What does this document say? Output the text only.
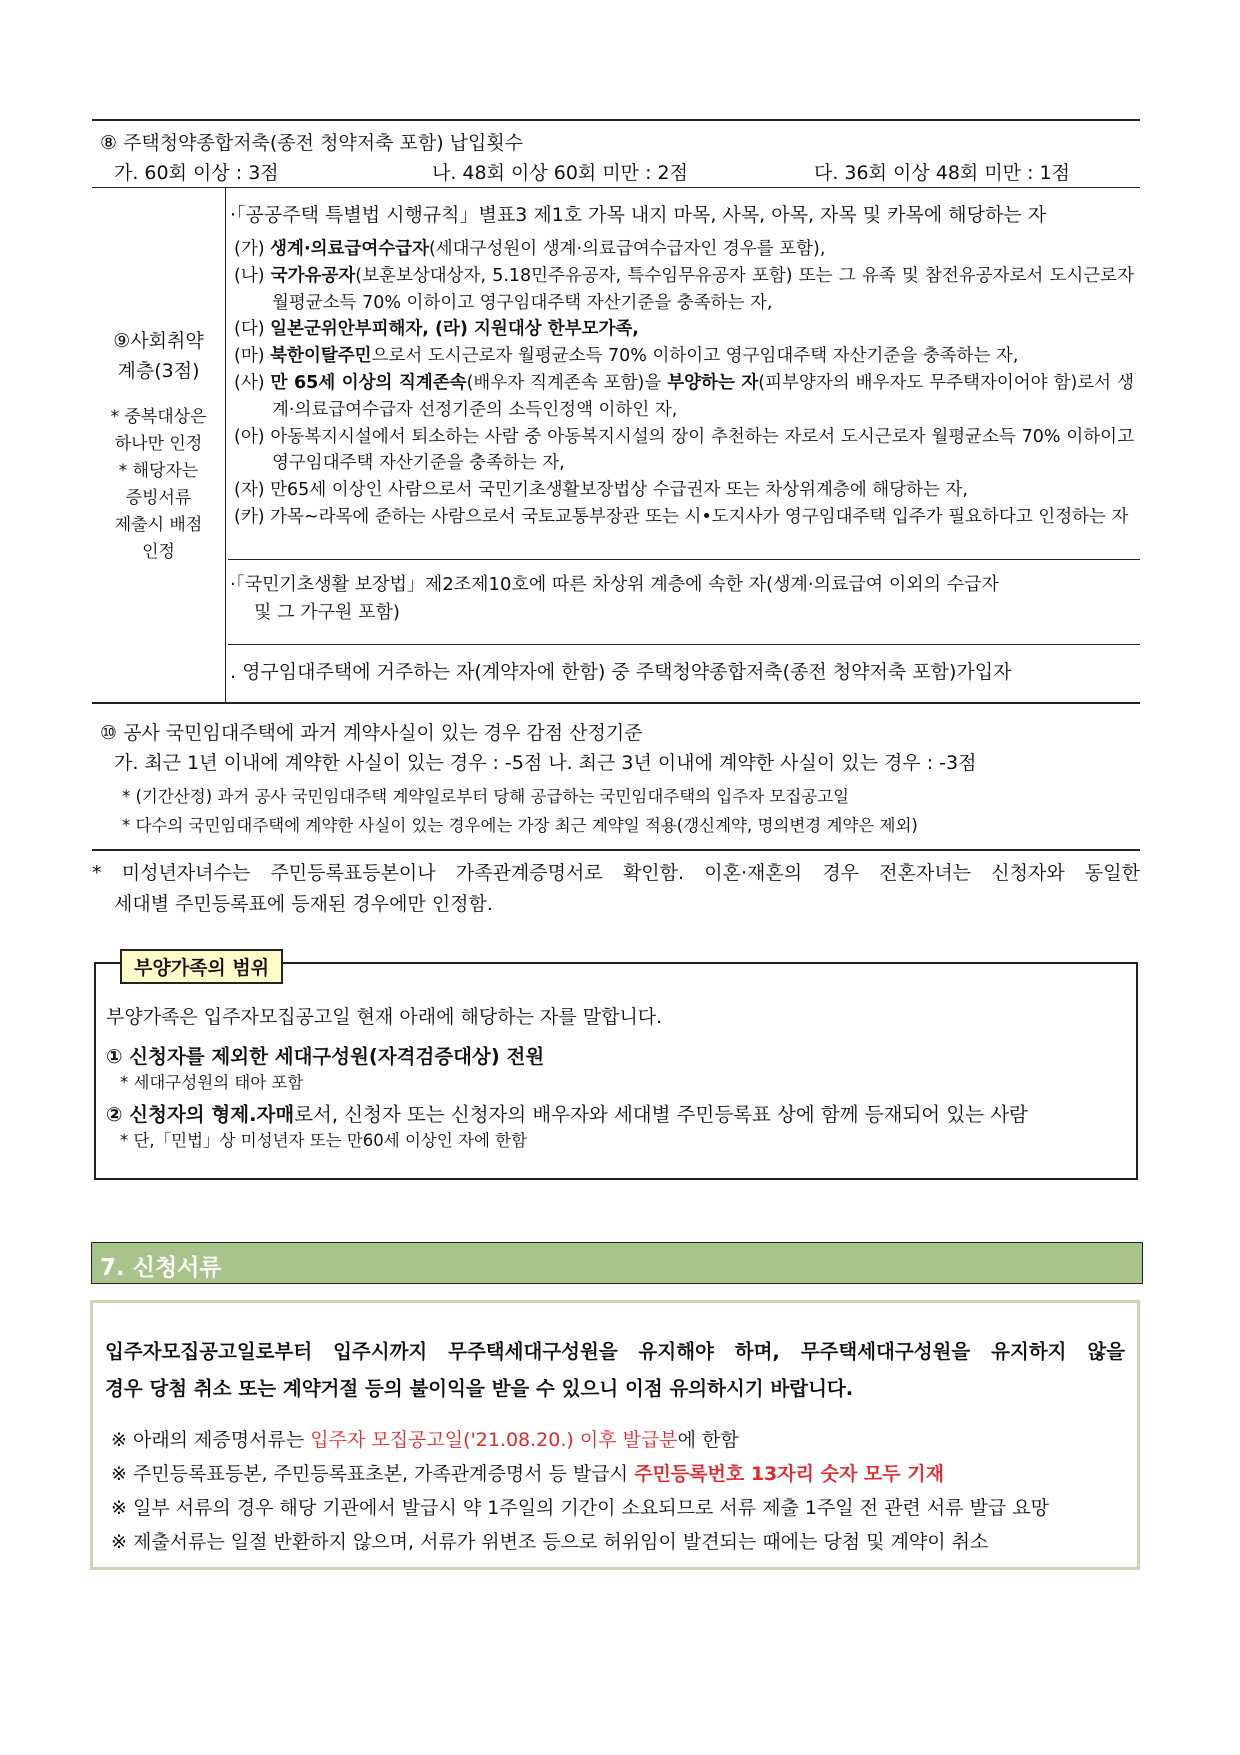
⑧ 주택청약종합저축(종전 청약저축 포함) 납입횟수
가. 60회 이상 : 3점	나. 48회 이상 60회 미만 : 2점	다. 36회 이상 48회 미만 : 1점
⑨사회취약
계층(3점)
* 중복대상은
하나만 인정
* 해당자는
증빙서류
제출시 배점
인정
·「공공주택 특별법 시행규칙」별표3 제1호 가목 내지 마목, 사목, 아목, 자목 및 카목에 해당하는 자
(가) 생계·의료급여수급자(세대구성원이 생계·의료급여수급자인 경우를 포함),
(나) 국가유공자(보훈보상대상자, 5.18민주유공자, 특수임무유공자 포함) 또는 그 유족 및 참전유공자로서 도시근로자 월평균소득 70% 이하이고 영구임대주택 자산기준을 충족하는 자,
(다) 일본군위안부피해자, (라) 지원대상 한부모가족,
(마) 북한이탈주민으로서 도시근로자 월평균소득 70% 이하이고 영구임대주택 자산기준을 충족하는 자,
(사) 만 65세 이상의 직계존속(배우자 직계존속 포함)을 부양하는 자(피부양자의 배우자도 무주택자이어야 함)로서 생계·의료급여수급자 선정기준의 소득인정액 이하인 자,
(아) 아동복지시설에서 퇴소하는 사람 중 아동복지시설의 장이 추천하는 자로서 도시근로자 월평균소득 70% 이하이고 영구임대주택 자산기준을 충족하는 자,
(자) 만65세 이상인 사람으로서 국민기초생활보장법상 수급권자 또는 차상위계층에 해당하는 자,
(카) 가목~라목에 준하는 사람으로서 국토교통부장관 또는 시•도지사가 영구임대주택 입주가 필요하다고 인정하는 자
·「국민기초생활 보장법」제2조제10호에 따른 차상위 계층에 속한 자(생계·의료급여 이외의 수급자
및 그 가구원 포함)
. 영구임대주택에 거주하는 자(계약자에 한함) 중 주택청약종합저축(종전 청약저축 포함)가입자
⑩ 공사 국민임대주택에 과거 계약사실이 있는 경우 감점 산정기준
가. 최근 1년 이내에 계약한 사실이 있는 경우 : -5점 나. 최근 3년 이내에 계약한 사실이 있는 경우 : -3점
* (기간산정) 과거 공사 국민임대주택 계약일로부터 당해 공급하는 국민임대주택의 입주자 모집공고일
* 다수의 국민임대주택에 계약한 사실이 있는 경우에는 가장 최근 계약일 적용(갱신계약, 명의변경 계약은 제외)
* 미성년자녀수는 주민등록표등본이나 가족관계증명서로 확인함. 이혼·재혼의 경우 전혼자녀는 신청자와 동일한
세대별 주민등록표에 등재된 경우에만 인정함.
부양가족의 범위
부양가족은 입주자모집공고일 현재 아래에 해당하는 자를 말합니다.
① 신청자를 제외한 세대구성원(자격검증대상) 전원
* 세대구성원의 태아 포함
② 신청자의 형제.자매로서, 신청자 또는 신청자의 배우자와 세대별 주민등록표 상에 함께 등재되어 있는 사람
* 단,「민법」상 미성년자 또는 만60세 이상인 자에 한함
7. 신청서류
입주자모집공고일로부터 입주시까지 무주택세대구성원을 유지해야 하며, 무주택세대구성원을 유지하지 않을
경우 당첨 취소 또는 계약거절 등의 불이익을 받을 수 있으니 이점 유의하시기 바랍니다.
※ 아래의 제증명서류는 입주자 모집공고일('21.08.20.) 이후 발급분에 한함
※ 주민등록표등본, 주민등록표초본, 가족관계증명서 등 발급시 주민등록번호 13자리 숫자 모두 기재
※ 일부 서류의 경우 해당 기관에서 발급시 약 1주일의 기간이 소요되므로 서류 제출 1주일 전 관련 서류 발급 요망
※ 제출서류는 일절 반환하지 않으며, 서류가 위변조 등으로 허위임이 발견되는 때에는 당첨 및 계약이 취소
